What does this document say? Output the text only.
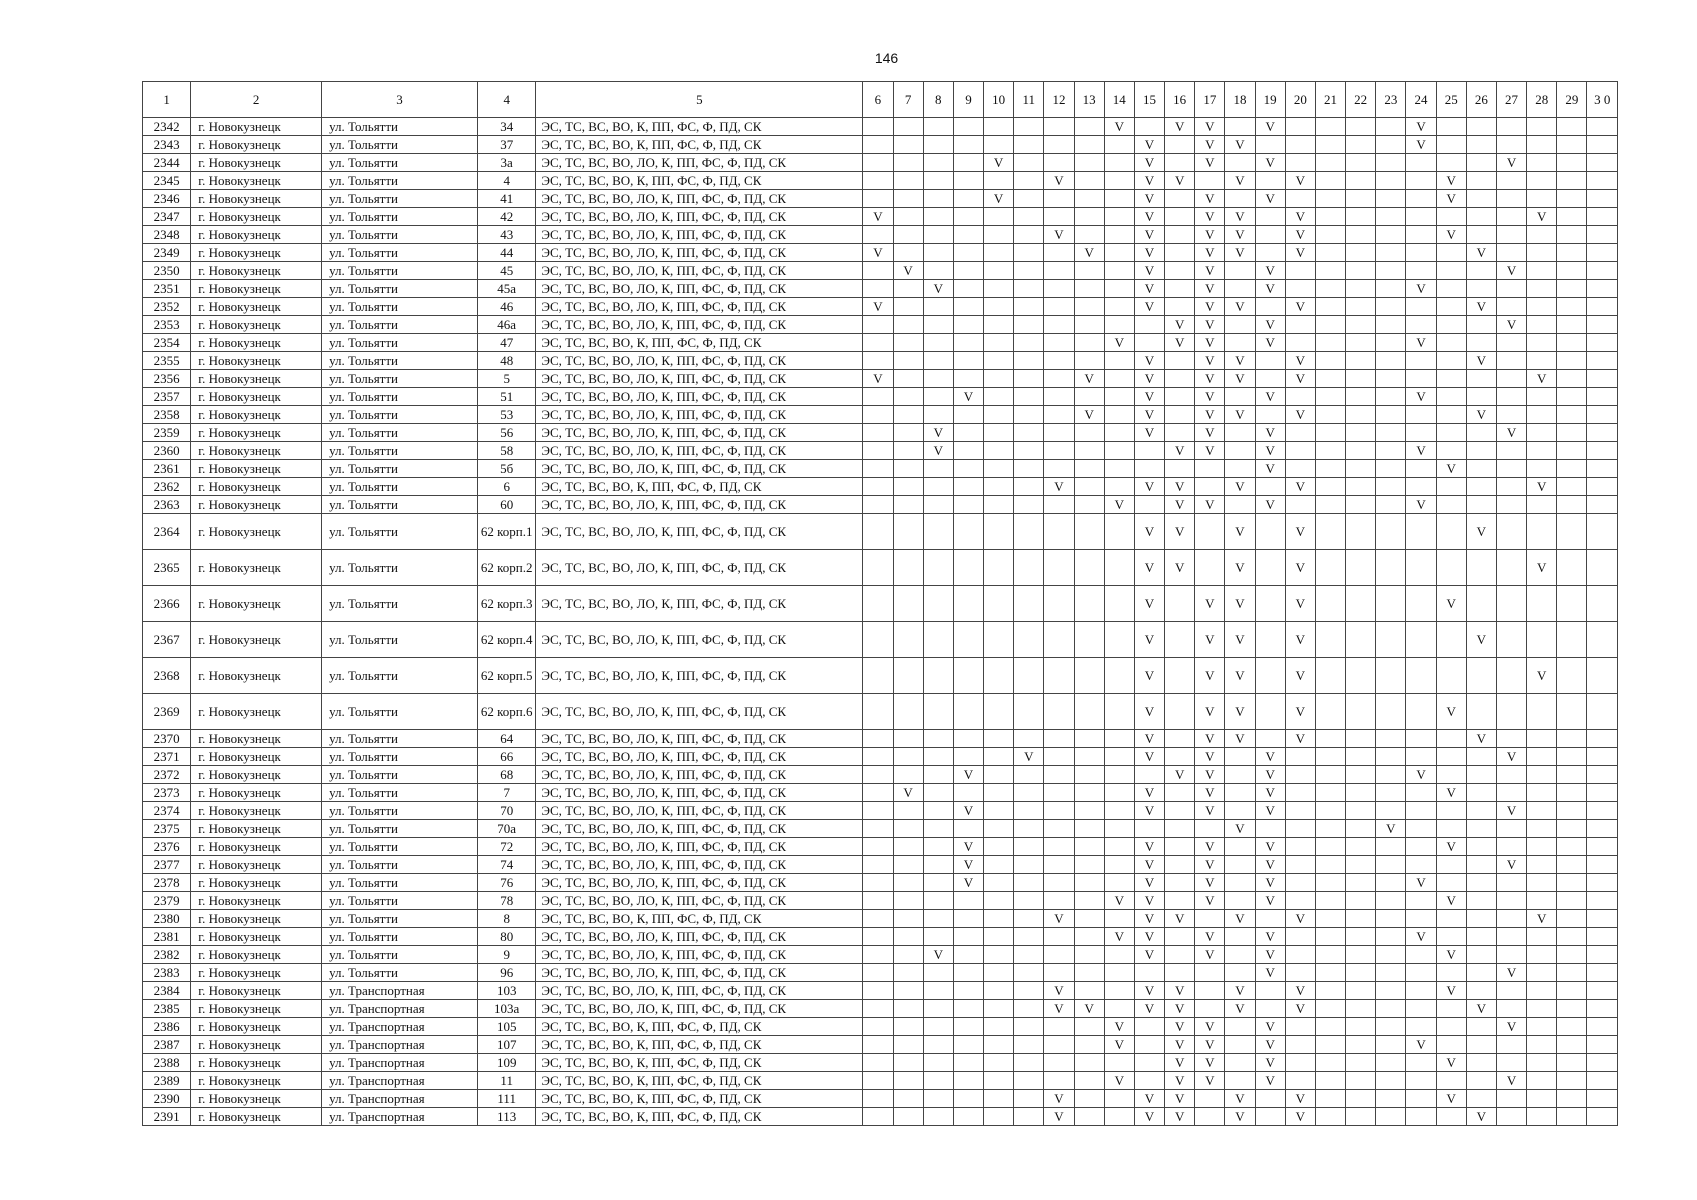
146
1	2	3	4	5	6	7	8	9	10	11	12	13	14	15	16	17	18	19	20	21	22	23	24	25	26	27	28	29	3 0
2342	г. Новокузнецк	ул. Тольятти	34	ЭС, ТС, ВС, ВО, К, ПП, ФС, Ф, ПД, СК									V		V	V		V					V						
2343	г. Новокузнецк	ул. Тольятти	37	ЭС, ТС, ВС, ВО, К, ПП, ФС, Ф, ПД, СК										V		V	V						V						
2344	г. Новокузнецк	ул. Тольятти	3а	ЭС, ТС, ВС, ВО, ЛО, К, ПП, ФС, Ф, ПД, СК					V					V		V		V								V			
2345	г. Новокузнецк	ул. Тольятти	4	ЭС, ТС, ВС, ВО, К, ПП, ФС, Ф, ПД, СК							V			V	V		V		V					V					
2346	г. Новокузнецк	ул. Тольятти	41	ЭС, ТС, ВС, ВО, ЛО, К, ПП, ФС, Ф, ПД, СК					V					V		V		V						V					
2347	г. Новокузнецк	ул. Тольятти	42	ЭС, ТС, ВС, ВО, ЛО, К, ПП, ФС, Ф, ПД, СК	V									V		V	V		V								V		
2348	г. Новокузнецк	ул. Тольятти	43	ЭС, ТС, ВС, ВО, ЛО, К, ПП, ФС, Ф, ПД, СК							V			V		V	V		V					V					
2349	г. Новокузнецк	ул. Тольятти	44	ЭС, ТС, ВС, ВО, ЛО, К, ПП, ФС, Ф, ПД, СК	V							V		V		V	V		V						V				
2350	г. Новокузнецк	ул. Тольятти	45	ЭС, ТС, ВС, ВО, ЛО, К, ПП, ФС, Ф, ПД, СК		V								V		V		V								V			
2351	г. Новокузнецк	ул. Тольятти	45а	ЭС, ТС, ВС, ВО, ЛО, К, ПП, ФС, Ф, ПД, СК			V							V		V		V					V						
2352	г. Новокузнецк	ул. Тольятти	46	ЭС, ТС, ВС, ВО, ЛО, К, ПП, ФС, Ф, ПД, СК	V									V		V	V		V						V				
2353	г. Новокузнецк	ул. Тольятти	46а	ЭС, ТС, ВС, ВО, ЛО, К, ПП, ФС, Ф, ПД, СК											V	V		V								V			
2354	г. Новокузнецк	ул. Тольятти	47	ЭС, ТС, ВС, ВО, К, ПП, ФС, Ф, ПД, СК									V		V	V		V					V						
2355	г. Новокузнецк	ул. Тольятти	48	ЭС, ТС, ВС, ВО, ЛО, К, ПП, ФС, Ф, ПД, СК										V		V	V		V						V				
2356	г. Новокузнецк	ул. Тольятти	5	ЭС, ТС, ВС, ВО, ЛО, К, ПП, ФС, Ф, ПД, СК	V							V		V		V	V		V								V		
2357	г. Новокузнецк	ул. Тольятти	51	ЭС, ТС, ВС, ВО, ЛО, К, ПП, ФС, Ф, ПД, СК				V						V		V		V					V						
2358	г. Новокузнецк	ул. Тольятти	53	ЭС, ТС, ВС, ВО, ЛО, К, ПП, ФС, Ф, ПД, СК								V		V		V	V		V						V				
2359	г. Новокузнецк	ул. Тольятти	56	ЭС, ТС, ВС, ВО, ЛО, К, ПП, ФС, Ф, ПД, СК			V							V		V		V								V			
2360	г. Новокузнецк	ул. Тольятти	58	ЭС, ТС, ВС, ВО, ЛО, К, ПП, ФС, Ф, ПД, СК			V								V	V		V					V						
2361	г. Новокузнецк	ул. Тольятти	5б	ЭС, ТС, ВС, ВО, ЛО, К, ПП, ФС, Ф, ПД, СК														V						V					
2362	г. Новокузнецк	ул. Тольятти	6	ЭС, ТС, ВС, ВО, К, ПП, ФС, Ф, ПД, СК							V			V	V		V		V								V		
2363	г. Новокузнецк	ул. Тольятти	60	ЭС, ТС, ВС, ВО, ЛО, К, ПП, ФС, Ф, ПД, СК									V		V	V		V					V						
2364	г. Новокузнецк	ул. Тольятти	62 корп.1	ЭС, ТС, ВС, ВО, ЛО, К, ПП, ФС, Ф, ПД, СК										V	V		V		V						V				
2365	г. Новокузнецк	ул. Тольятти	62 корп.2	ЭС, ТС, ВС, ВО, ЛО, К, ПП, ФС, Ф, ПД, СК										V	V		V		V								V		
2366	г. Новокузнецк	ул. Тольятти	62 корп.3	ЭС, ТС, ВС, ВО, ЛО, К, ПП, ФС, Ф, ПД, СК										V		V	V		V					V					
2367	г. Новокузнецк	ул. Тольятти	62 корп.4	ЭС, ТС, ВС, ВО, ЛО, К, ПП, ФС, Ф, ПД, СК										V		V	V		V						V				
2368	г. Новокузнецк	ул. Тольятти	62 корп.5	ЭС, ТС, ВС, ВО, ЛО, К, ПП, ФС, Ф, ПД, СК										V		V	V		V								V		
2369	г. Новокузнецк	ул. Тольятти	62 корп.6	ЭС, ТС, ВС, ВО, ЛО, К, ПП, ФС, Ф, ПД, СК										V		V	V		V					V					
2370	г. Новокузнецк	ул. Тольятти	64	ЭС, ТС, ВС, ВО, ЛО, К, ПП, ФС, Ф, ПД, СК										V		V	V		V						V				
2371	г. Новокузнецк	ул. Тольятти	66	ЭС, ТС, ВС, ВО, ЛО, К, ПП, ФС, Ф, ПД, СК						V				V		V		V								V			
2372	г. Новокузнецк	ул. Тольятти	68	ЭС, ТС, ВС, ВО, ЛО, К, ПП, ФС, Ф, ПД, СК				V							V	V		V					V						
2373	г. Новокузнецк	ул. Тольятти	7	ЭС, ТС, ВС, ВО, ЛО, К, ПП, ФС, Ф, ПД, СК		V								V		V		V						V					
2374	г. Новокузнецк	ул. Тольятти	70	ЭС, ТС, ВС, ВО, ЛО, К, ПП, ФС, Ф, ПД, СК				V						V		V		V								V			
2375	г. Новокузнецк	ул. Тольятти	70а	ЭС, ТС, ВС, ВО, ЛО, К, ПП, ФС, Ф, ПД, СК													V					V							
2376	г. Новокузнецк	ул. Тольятти	72	ЭС, ТС, ВС, ВО, ЛО, К, ПП, ФС, Ф, ПД, СК				V						V		V		V						V					
2377	г. Новокузнецк	ул. Тольятти	74	ЭС, ТС, ВС, ВО, ЛО, К, ПП, ФС, Ф, ПД, СК				V						V		V		V								V			
2378	г. Новокузнецк	ул. Тольятти	76	ЭС, ТС, ВС, ВО, ЛО, К, ПП, ФС, Ф, ПД, СК				V						V		V		V					V						
2379	г. Новокузнецк	ул. Тольятти	78	ЭС, ТС, ВС, ВО, ЛО, К, ПП, ФС, Ф, ПД, СК									V	V		V		V						V					
2380	г. Новокузнецк	ул. Тольятти	8	ЭС, ТС, ВС, ВО, К, ПП, ФС, Ф, ПД, СК							V			V	V		V		V								V		
2381	г. Новокузнецк	ул. Тольятти	80	ЭС, ТС, ВС, ВО, ЛО, К, ПП, ФС, Ф, ПД, СК									V	V		V		V					V						
2382	г. Новокузнецк	ул. Тольятти	9	ЭС, ТС, ВС, ВО, ЛО, К, ПП, ФС, Ф, ПД, СК			V							V		V		V						V					
2383	г. Новокузнецк	ул. Тольятти	96	ЭС, ТС, ВС, ВО, ЛО, К, ПП, ФС, Ф, ПД, СК														V								V			
2384	г. Новокузнецк	ул. Транспортная	103	ЭС, ТС, ВС, ВО, ЛО, К, ПП, ФС, Ф, ПД, СК							V			V	V		V		V					V					
2385	г. Новокузнецк	ул. Транспортная	103а	ЭС, ТС, ВС, ВО, ЛО, К, ПП, ФС, Ф, ПД, СК							V	V		V	V		V		V						V				
2386	г. Новокузнецк	ул. Транспортная	105	ЭС, ТС, ВС, ВО, К, ПП, ФС, Ф, ПД, СК									V		V	V		V								V			
2387	г. Новокузнецк	ул. Транспортная	107	ЭС, ТС, ВС, ВО, К, ПП, ФС, Ф, ПД, СК									V		V	V		V					V						
2388	г. Новокузнецк	ул. Транспортная	109	ЭС, ТС, ВС, ВО, К, ПП, ФС, Ф, ПД, СК											V	V		V						V					
2389	г. Новокузнецк	ул. Транспортная	11	ЭС, ТС, ВС, ВО, К, ПП, ФС, Ф, ПД, СК									V		V	V		V								V			
2390	г. Новокузнецк	ул. Транспортная	111	ЭС, ТС, ВС, ВО, К, ПП, ФС, Ф, ПД, СК							V			V	V		V		V					V					
2391	г. Новокузнецк	ул. Транспортная	113	ЭС, ТС, ВС, ВО, К, ПП, ФС, Ф, ПД, СК							V			V	V		V		V						V				
